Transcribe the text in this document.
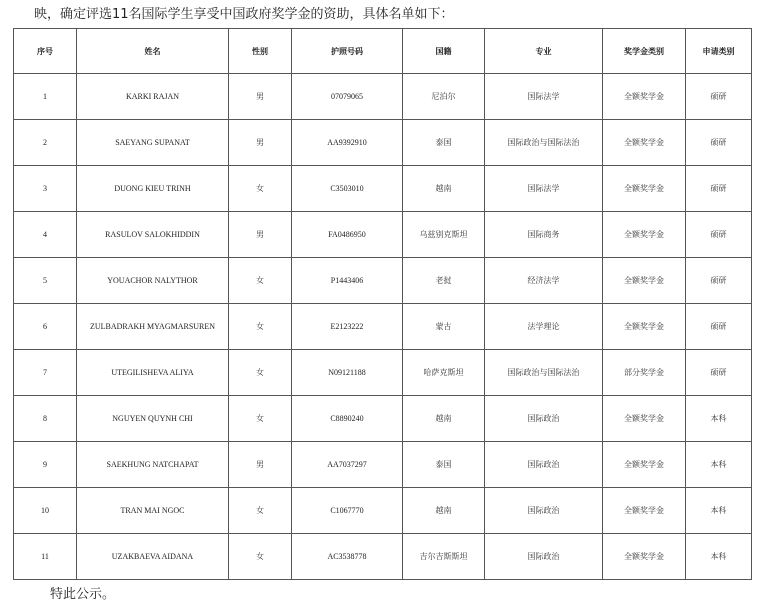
映，确定评选11名国际学生享受中国政府奖学金的资助，具体名单如下：
序号	姓名	性别	护照号码	国籍	专业	奖学金类别	申请类别
1	KARKI RAJAN	男	07079065	尼泊尔	国际法学	全额奖学金	硕研
2	SAEYANG SUPANAT	男	AA9392910	泰国	国际政治与国际法治	全额奖学金	硕研
3	DUONG KIEU TRINH	女	C3503010	越南	国际法学	全额奖学金	硕研
4	RASULOV SALOKHIDDIN	男	FA0486950	乌兹别克斯坦	国际商务	全额奖学金	硕研
5	YOUACHOR NALYTHOR	女	P1443406	老挝	经济法学	全额奖学金	硕研
6	ZULBADRAKH MYAGMARSUREN	女	E2123222	蒙古	法学理论	全额奖学金	硕研
7	UTEGILISHEVA ALIYA	女	N09121188	哈萨克斯坦	国际政治与国际法治	部分奖学金	硕研
8	NGUYEN QUYNH CHI	女	C8890240	越南	国际政治	全额奖学金	本科
9	SAEKHUNG NATCHAPAT	男	AA7037297	泰国	国际政治	全额奖学金	本科
10	TRAN MAI NGOC	女	C1067770	越南	国际政治	全额奖学金	本科
11	UZAKBAEVA AIDANA	女	AC3538778	吉尔吉斯斯坦	国际政治	全额奖学金	本科
特此公示。
